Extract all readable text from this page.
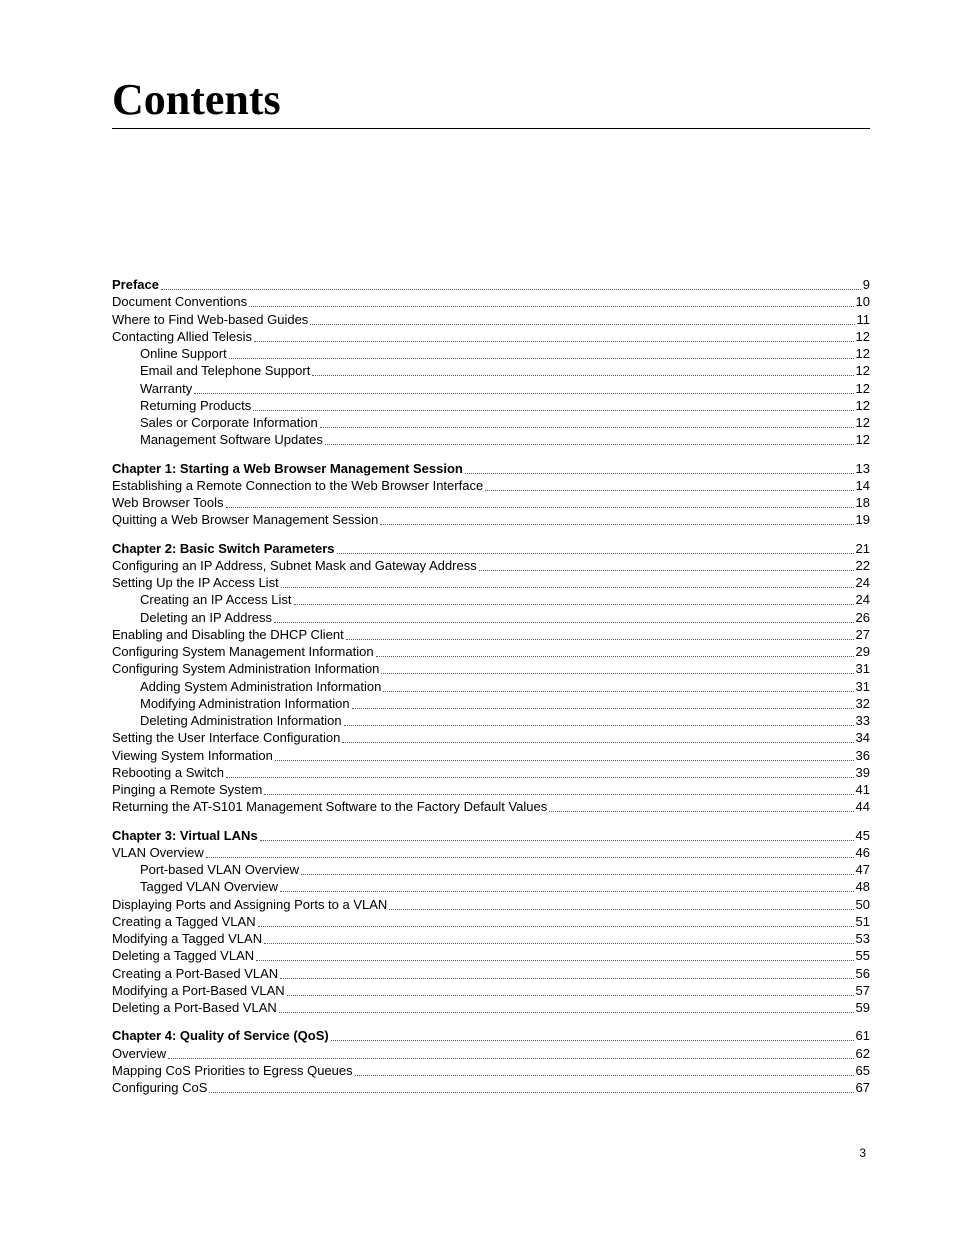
Contents
Preface	9
Document Conventions	10
Where to Find Web-based Guides	11
Contacting Allied Telesis	12
Online Support	12
Email and Telephone Support	12
Warranty	12
Returning Products	12
Sales or Corporate Information	12
Management Software Updates	12
Chapter 1: Starting a Web Browser Management Session	13
Establishing a Remote Connection to the Web Browser Interface	14
Web Browser Tools	18
Quitting a Web Browser Management Session	19
Chapter 2: Basic Switch Parameters	21
Configuring an IP Address, Subnet Mask and Gateway Address	22
Setting Up the IP Access List	24
Creating an IP Access List	24
Deleting an IP Address	26
Enabling and Disabling the DHCP Client	27
Configuring System Management Information	29
Configuring System Administration Information	31
Adding System Administration Information	31
Modifying Administration Information	32
Deleting Administration Information	33
Setting the User Interface Configuration	34
Viewing System Information	36
Rebooting a Switch	39
Pinging a Remote System	41
Returning the AT-S101 Management Software to the Factory Default Values	44
Chapter 3: Virtual LANs	45
VLAN Overview	46
Port-based VLAN Overview	47
Tagged VLAN Overview	48
Displaying Ports and Assigning Ports to a VLAN	50
Creating a Tagged VLAN	51
Modifying a Tagged VLAN	53
Deleting a Tagged VLAN	55
Creating a Port-Based VLAN	56
Modifying a Port-Based VLAN	57
Deleting a Port-Based VLAN	59
Chapter 4: Quality of Service (QoS)	61
Overview	62
Mapping CoS Priorities to Egress Queues	65
Configuring CoS	67
3
